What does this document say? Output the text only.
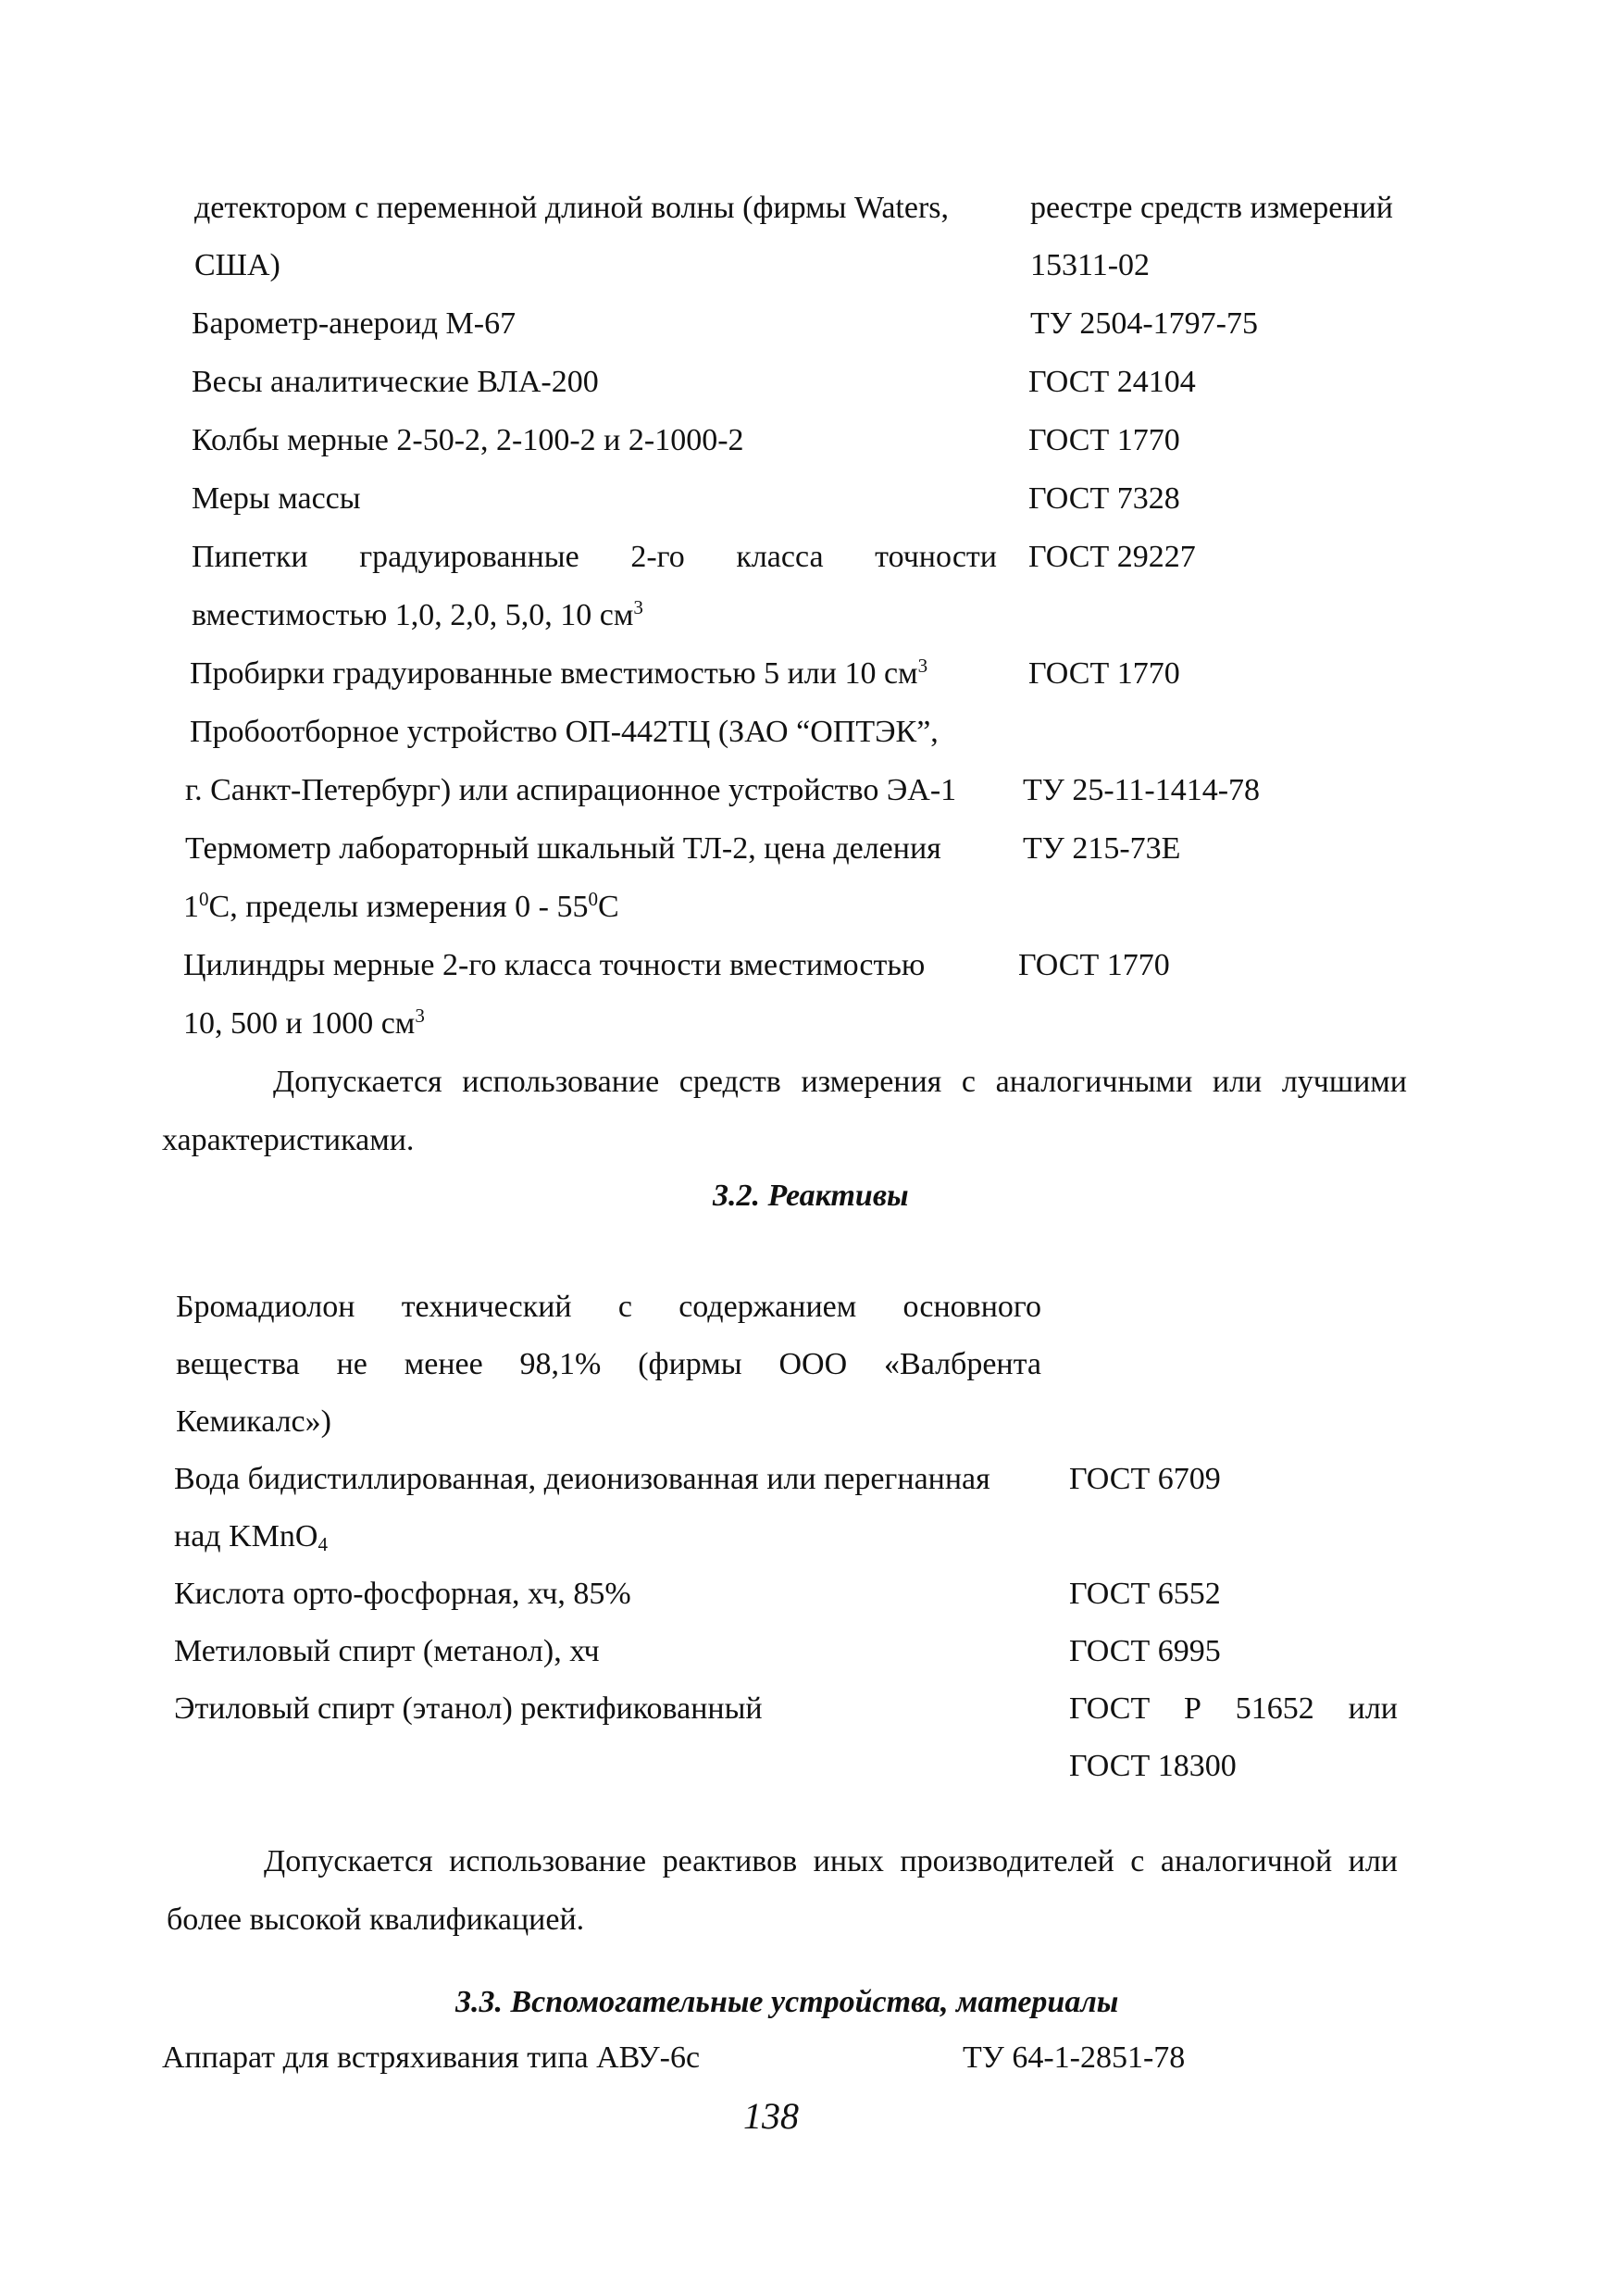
детектором с переменной длиной волны (фирмы Waters,	реестре средств измерений
США)	15311-02
Барометр-анероид М-67	ТУ 2504-1797-75
Весы аналитические ВЛА-200	ГОСТ 24104
Колбы мерные 2-50-2, 2-100-2 и 2-1000-2	ГОСТ 1770
Меры массы	ГОСТ 7328
Пипетки градуированные 2-го класса точности ГОСТ 29227
вместимостью 1,0, 2,0, 5,0, 10 $см^3$
Пробирки градуированные вместимостью 5 или 10 $см^3$	ГОСТ 1770
Пробоотборное устройство ОП-442ТЦ (ЗАО “ОПТЭК”,
г. Санкт-Петербург) или аспирационное устройство ЭА-1 ТУ 25-11-1414-78
Термометр лабораторный шкальный ТЛ-2, цена деления	ТУ 215-73Е
$1^0С$, пределы измерения $0 - 55^0С$
Цилиндры мерные 2-го класса точности вместимостью	ГОСТ 1770
10, 500 и 1000 $см^3$
Допускается использование средств измерения с аналогичными или лучшими
характеристиками.
3.2. Реактивы
Бромадиолон технический с содержанием основного
вещества не менее 98,1% (фирмы ООО «Валбрента
Кемикалс»)
Вода бидистиллированная, деионизованная или перегнанная	ГОСТ 6709
над KMnO$_4$
Кислота орто-фосфорная, хч, 85%	ГОСТ 6552
Метиловый спирт (метанол), хч	ГОСТ 6995
Этиловый спирт (этанол) ректификованный	ГОСТ Р 51652 или
ГОСТ 18300
Допускается использование реактивов иных производителей с аналогичной или
более высокой квалификацией.
3.3. Вспомогательные устройства, материалы
Аппарат для встряхивания типа АВУ-6с	ТУ 64-1-2851-78
138
